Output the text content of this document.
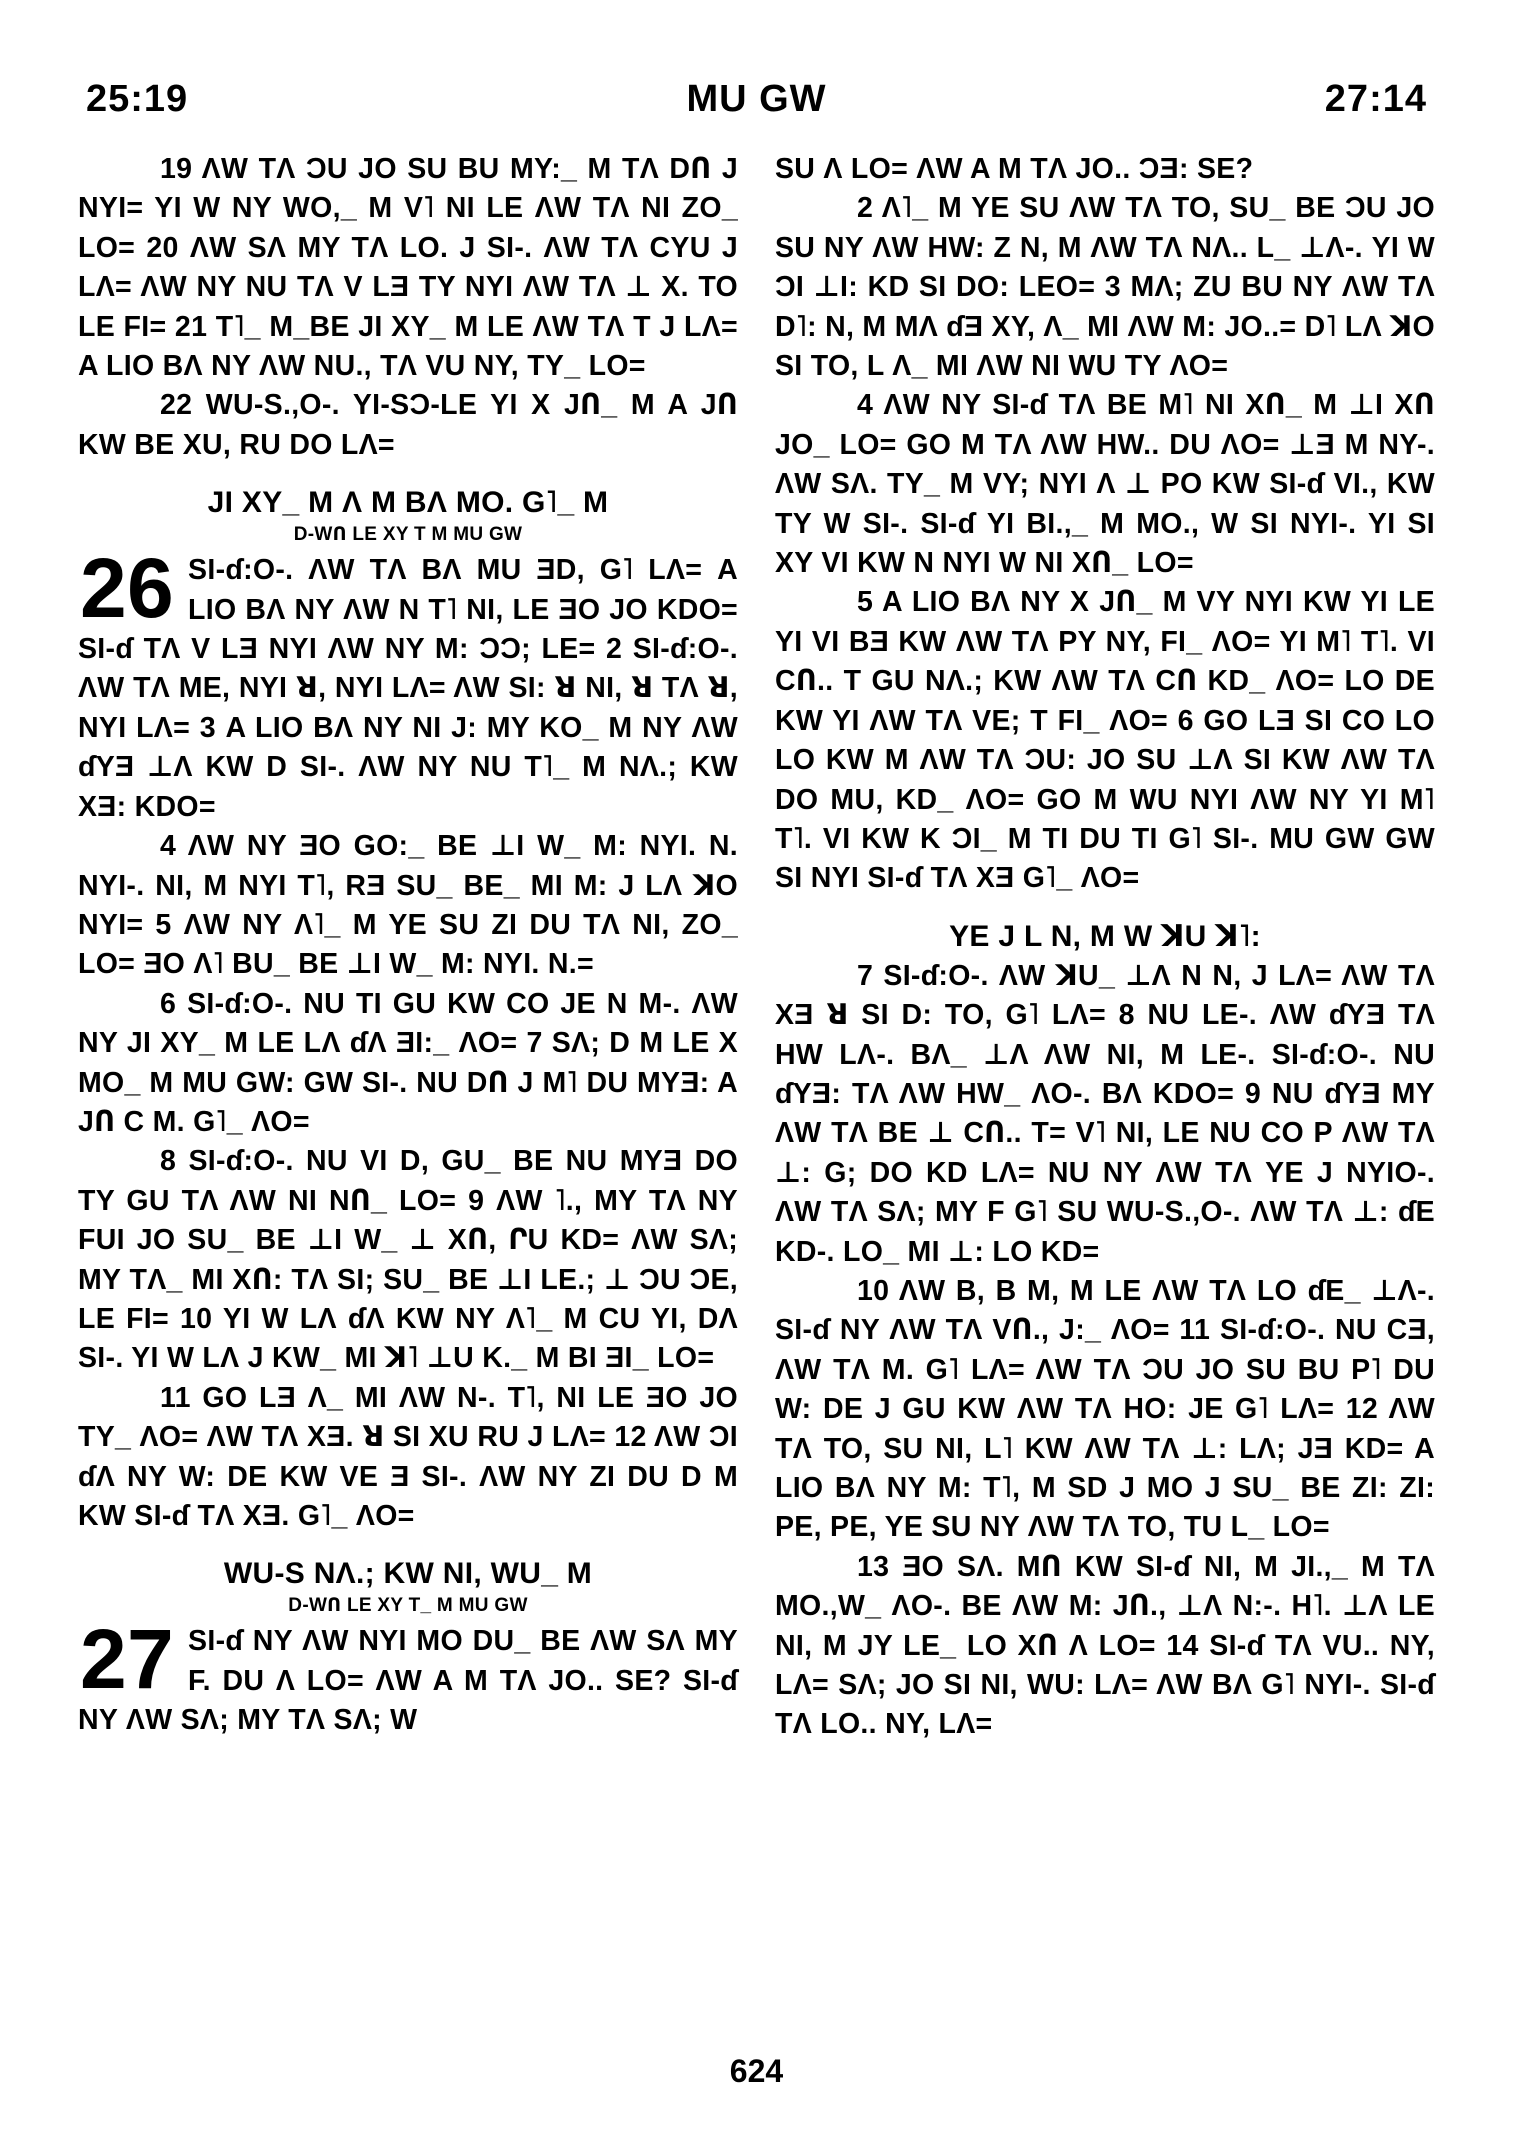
25:19	MU GW	27:14

19 ΛW TΛ ƆU JO SU BU MY:_ M TΛ DՈ J NYI= YI W NY WO,_ M V˥ NI LE ΛW TΛ NI ZO_ LO= 20 ΛW SΛ MY TΛ LO. J SI-. ΛW TΛ CYU J LΛ= ΛW NY NU TΛ V LƎ TY NYI ΛW TΛ ⊥ X. TO LE FI= 21 T˥_ M_BE JI XY_ M LE ΛW TΛ T J LΛ= A LIO BΛ NY ΛW NU., TΛ VU NY, TY_ LO=

22 WU-S.,O-. YI-SƆ-LE YI X JՈ_ M A JՈ KW BE XU, RU DO LΛ=

JI XY_ M Λ M BΛ MO. G˥_ M
D-WՈ LE XY T M MU GW
26 SI-ɗ:O-. ΛW TΛ BΛ MU ƎD, G˥ LΛ= A LIO BΛ NY ΛW N T˥ NI, LE ƎO JO KDO= SI-ɗ TΛ V LƎ NYI ΛW NY M: ƆƆ; LE= 2 SI-ɗ:O-. ΛW TΛ ME, NYI ꓤ, NYI LΛ= ΛW SI: ꓤ NI, ꓤ TΛ ꓤ, NYI LΛ= 3 A LIO BΛ NY NI J: MY KO_ M NY ΛW ɗYƎ ⊥Λ KW D SI-. ΛW NY NU T˥_ M NΛ.; KW XƎ: KDO=

4 ΛW NY ƎO GO:_ BE ⊥I W_ M: NYI. N. NYI-. NI, M NYI T˥, RƎ SU_ BE_ MI M: J LΛ ꓘO NYI= 5 ΛW NY Λ˥_ M YE SU ZI DU TΛ NI, ZO_ LO= ƎO Λ˥ BU_ BE ⊥I W_ M: NYI. N.=

6 SI-ɗ:O-. NU TI GU KW CO JE N M-. ΛW NY JI XY_ M LE LΛ ɗΛ ƎI:_ ΛO= 7 SΛ; D M LE X MO_ M MU GW: GW SI-. NU DՈ J M˥ DU MYƎ: A JՈ C M. G˥_ ΛO=

8 SI-ɗ:O-. NU VI D, GU_ BE NU MYƎ DO TY GU TΛ ΛW NI NՈ_ LO= 9 ΛW ˥., MY TΛ NY FUI JO SU_ BE ⊥I W_ ⊥ XՈ, ՐU KD= ΛW SΛ; MY TΛ_ MI XՈ: TΛ SI; SU_ BE ⊥I LE.; ⊥ ƆU ƆE, LE FI= 10 YI W LΛ ɗΛ KW NY Λ˥_ M CU YI, DΛ SI-. YI W LΛ J KW_ MI ꓘ˥ ⊥U K._ M BI ƎI_ LO=

11 GO LƎ Λ_ MI ΛW N-. T˥, NI LE ƎO JO TY_ ΛO= ΛW TΛ XƎ. ꓤ SI XU RU J LΛ= 12 ΛW ƆI ɗΛ NY W: DE KW VE Ǝ SI-. ΛW NY ZI DU D M KW SI-ɗ TΛ XƎ. G˥_ ΛO=

WU-S NΛ.; KW NI, WU_ M
D-WՈ LE XY T_ M MU GW
27 SI-ɗ NY ΛW NYI MO DU_ BE ΛW SΛ MY F. DU Λ LO= ΛW A M TΛ JO.. SE? SI-ɗ NY ΛW SΛ; MY TΛ SΛ; W

SU Λ LO= ΛW A M TΛ JO.. ƆƎ: SE?

2 Λ˥_ M YE SU ΛW TΛ TO, SU_ BE ƆU JO SU NY ΛW HW: Z N, M ΛW TΛ NΛ.. L_ ⊥Λ-. YI W ƆI ⊥I: KD SI DO: LEO= 3 MΛ; ZU BU NY ΛW TΛ D˥: N, M MΛ ɗƎ XY, Λ_ MI ΛW M: JO..= D˥ LΛ ꓘO SI TO, L Λ_ MI ΛW NI WU TY ΛO=

4 ΛW NY SI-ɗ TΛ BE M˥ NI XՈ_ M ⊥I XՈ JO_ LO= GO M TΛ ΛW HW.. DU ΛO= ⊥Ǝ M NY-. ΛW SΛ. TY_ M VY; NYI Λ ⊥ PO KW SI-ɗ VI., KW TY W SI-. SI-ɗ YI BI.,_ M MO., W SI NYI-. YI SI XY VI KW N NYI W NI XՈ_ LO=

5 A LIO BΛ NY X JՈ_ M VY NYI KW YI LE YI VI BƎ KW ΛW TΛ PY NY, FI_ ΛO= YI M˥ T˥. VI CՈ.. T GU NΛ.; KW ΛW TΛ CՈ KD_ ΛO= LO DE KW YI ΛW TΛ VE; T FI_ ΛO= 6 GO LƎ SI CO LO LO KW M ΛW TΛ ƆU: JO SU ⊥Λ SI KW ΛW TΛ DO MU, KD_ ΛO= GO M WU NYI ΛW NY YI M˥ T˥. VI KW K ƆI_ M TI DU TI G˥ SI-. MU GW GW SI NYI SI-ɗ TΛ XƎ G˥_ ΛO=

YE J L N, M W ꓘU ꓘ˥:

7 SI-ɗ:O-. ΛW ꓘU_ ⊥Λ N N, J LΛ= ΛW TΛ XƎ ꓤ SI D: TO, G˥ LΛ= 8 NU LE-. ΛW ɗYƎ TΛ HW LΛ-. BΛ_ ⊥Λ ΛW NI, M LE-. SI-ɗ:O-. NU ɗYƎ: TΛ ΛW HW_ ΛO-. BΛ KDO= 9 NU ɗYƎ MY ΛW TΛ BE ⊥ CՈ.. T= V˥ NI, LE NU CO P ΛW TΛ ⊥: G; DO KD LΛ= NU NY ΛW TΛ YE J NYIO-. ΛW TΛ SΛ; MY F G˥ SU WU-S.,O-. ΛW TΛ ⊥: ɗE KD-. LO_ MI ⊥: LO KD=

10 ΛW B, B M, M LE ΛW TΛ LO ɗE_ ⊥Λ-. SI-ɗ NY ΛW TΛ VՈ., J:_ ΛO= 11 SI-ɗ:O-. NU CƎ, ΛW TΛ M. G˥ LΛ= ΛW TΛ ƆU JO SU BU P˥ DU W: DE J GU KW ΛW TΛ HO: JE G˥ LΛ= 12 ΛW TΛ TO, SU NI, L˥ KW ΛW TΛ ⊥: LΛ; JƎ KD= A LIO BΛ NY M: T˥, M SD J MO J SU_ BE ZI: ZI: PE, PE, YE SU NY ΛW TΛ TO, TU L_ LO=

13 ƎO SΛ. MՈ KW SI-ɗ NI, M JI.,_ M TΛ MO.,W_ ΛO-. BE ΛW M: JՈ., ⊥Λ N:-. H˥. ⊥Λ LE NI, M JY LE_ LO XՈ Λ LO= 14 SI-ɗ TΛ VU.. NY, LΛ= SΛ; JO SI NI, WU: LΛ= ΛW BΛ G˥ NYI-. SI-ɗ TΛ LO.. NY, LΛ=

624
